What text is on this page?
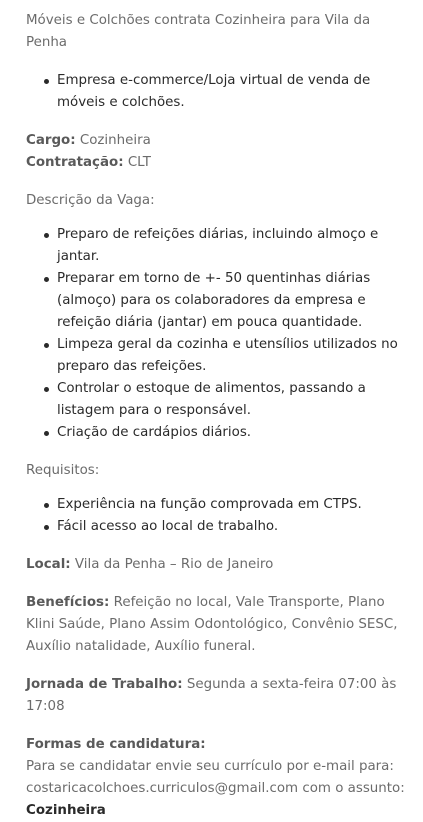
Móveis e Colchões contrata Cozinheira para Vila da Penha
Empresa e-commerce/Loja virtual de venda de móveis e colchões.
Cargo: Cozinheira
Contratação: CLT
Descrição da Vaga:
Preparo de refeições diárias, incluindo almoço e jantar.
Preparar em torno de +- 50 quentinhas diárias (almoço) para os colaboradores da empresa e refeição diária (jantar) em pouca quantidade.
Limpeza geral da cozinha e utensílios utilizados no preparo das refeições.
Controlar o estoque de alimentos, passando a listagem para o responsável.
Criação de cardápios diários.
Requisitos:
Experiência na função comprovada em CTPS.
Fácil acesso ao local de trabalho.
Local: Vila da Penha – Rio de Janeiro
Benefícios: Refeição no local, Vale Transporte, Plano Klini Saúde, Plano Assim Odontológico, Convênio SESC, Auxílio natalidade, Auxílio funeral.
Jornada de Trabalho: Segunda a sexta-feira 07:00 às 17:08
Formas de candidatura:
Para se candidatar envie seu currículo por e-mail para: costaricacolchoes.curriculos@gmail.com com o assunto:
Cozinheira
